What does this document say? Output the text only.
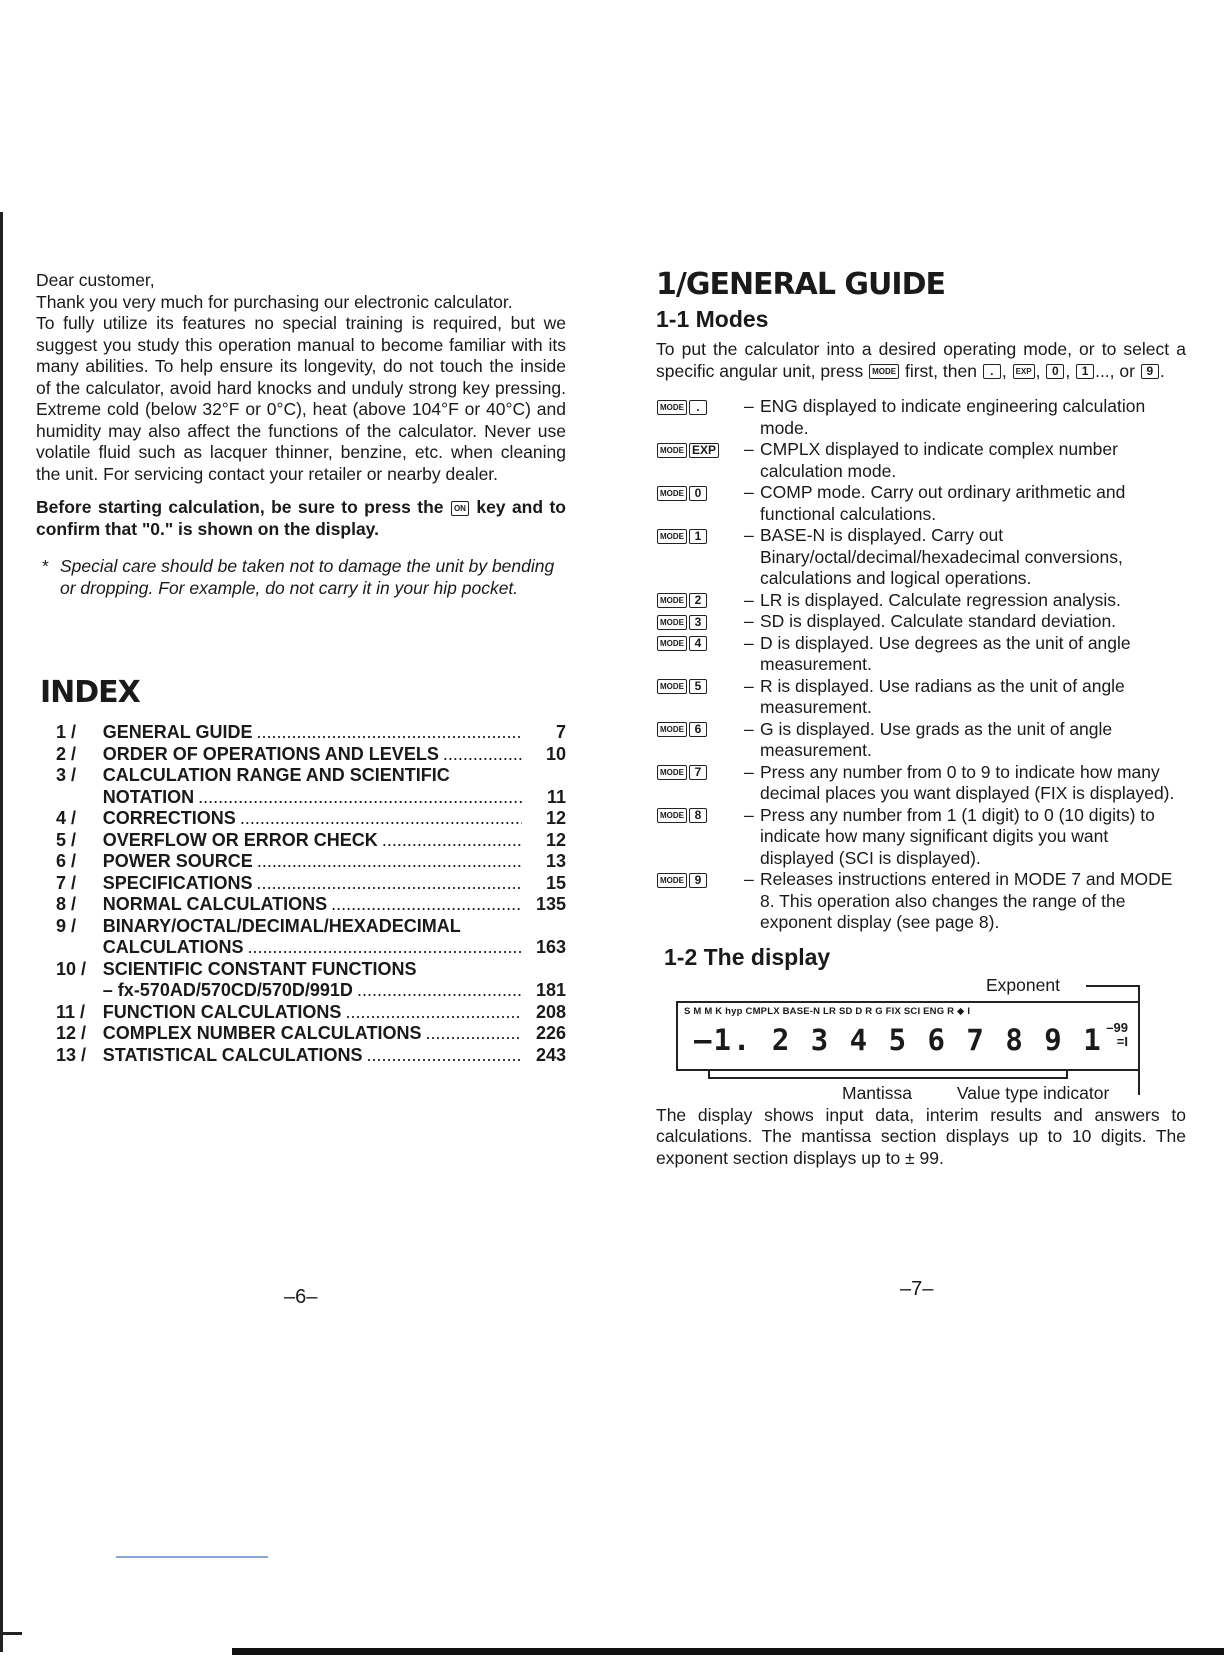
Dear customer,

Thank you very much for purchasing our electronic calculator.

To fully utilize its features no special training is required, but we suggest you study this operation manual to become familiar with its many abilities. To help ensure its longevity, do not touch the inside of the calculator, avoid hard knocks and unduly strong key pressing. Extreme cold (below 32°F or 0°C), heat (above 104°F or 40°C) and humidity may also affect the functions of the calculator. Never use volatile fluid such as lacquer thinner, benzine, etc. when cleaning the unit. For servicing contact your retailer or nearby dealer.

Before starting calculation, be sure to press the ON key and to confirm that "0." is shown on the display.

* Special care should be taken not to damage the unit by bending or dropping. For example, do not carry it in your hip pocket.

INDEX
1 /	GENERAL GUIDE .....	7
2 /	ORDER OF OPERATIONS AND LEVELS .....	10
3 /	CALCULATION RANGE AND SCIENTIFIC
NOTATION .....	11
4 /	CORRECTIONS .....	12
5 /	OVERFLOW OR ERROR CHECK .....	12
6 /	POWER SOURCE .....	13
7 /	SPECIFICATIONS .....	15
8 /	NORMAL CALCULATIONS .....	135
9 /	BINARY/OCTAL/DECIMAL/HEXADECIMAL
CALCULATIONS .....	163
10 / SCIENTIFIC CONSTANT FUNCTIONS
– fx-570AD/570CD/570D/991D .....	181
11 / FUNCTION CALCULATIONS .....	208
12 / COMPLEX NUMBER CALCULATIONS .....	226
13 / STATISTICAL CALCULATIONS .....	243
–6–
1/GENERAL GUIDE
1-1 Modes

To put the calculator into a desired operating mode, or to select a specific angular unit, press MODE first, then . , EXP , 0 , 1 ..., or 9 .

MODE .	– ENG displayed to indicate engineering calculation mode.
MODE EXP	– CMPLX displayed to indicate complex number calculation mode.
MODE 0	– COMP mode. Carry out ordinary arithmetic and functional calculations.
MODE 1	– BASE-N is displayed. Carry out Binary/octal/decimal/hexadecimal conversions, calculations and logical operations.
MODE 2	– LR is displayed. Calculate regression analysis.
MODE 3	– SD is displayed. Calculate standard deviation.
MODE 4	– D is displayed. Use degrees as the unit of angle measurement.
MODE 5	– R is displayed. Use radians as the unit of angle measurement.
MODE 6	– G is displayed. Use grads as the unit of angle measurement.
MODE 7	– Press any number from 0 to 9 to indicate how many decimal places you want displayed (FIX is displayed).
MODE 8	– Press any number from 1 (1 digit) to 0 (10 digits) to indicate how many significant digits you want displayed (SCI is displayed).
MODE 9	– Releases instructions entered in MODE 7 and MODE 8. This operation also changes the range of the exponent display (see page 8).
1-2 The display
Exponent
S M M K hyp CMPLX BASE-N LR SD D R G FIX SCI ENG R ◆ I
–1. 2 3 4 5 6 7 8 9 1 –99
=I
Mantissa	Value type indicator

The display shows input data, interim results and answers to calculations. The mantissa section displays up to 10 digits. The exponent section displays up to ± 99.

–7–
